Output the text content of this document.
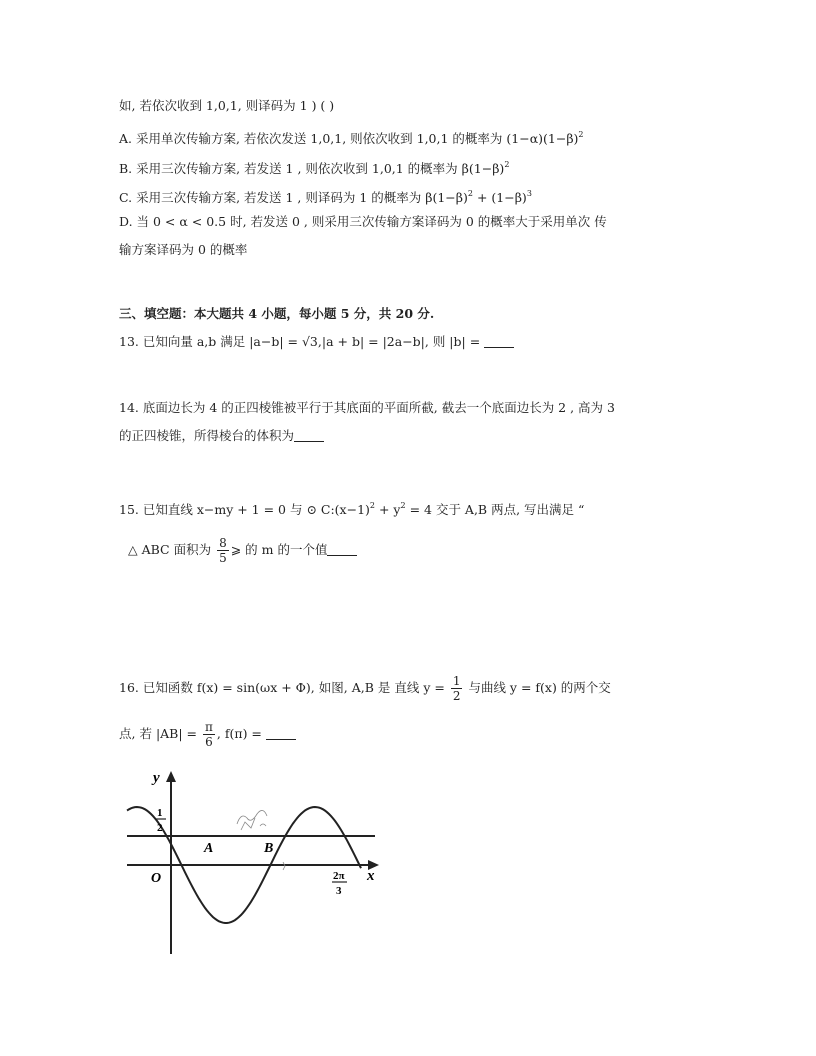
如, 若依次收到 1,0,1, 则译码为 1 ) ( )
A. 采用单次传输方案, 若依次发送 1,0,1, 则依次收到 1,0,1 的概率为 $(1-\alpha)(1-\beta)^2$
B. 采用三次传输方案, 若发送 1 , 则依次收到 1,0,1 的概率为 $\beta(1-\beta)^2$
C. 采用三次传输方案, 若发送 1 , 则译码为 1 的概率为 $\beta(1-\beta)^2 + (1-\beta)^3$
D. 当 0 < α < 0.5 时, 若发送 0 , 则采用三次传输方案译码为 0 的概率大于采用单次 传
输方案译码为 0 的概率
三、填空题：本大题共 4 小题，每小题 5 分，共 20 分.
13. 已知向量 a,b 满足 |a−b| = √3,|a + b| = |2a−b|, 则 |b| =
14. 底面边长为 4 的正四棱锥被平行于其底面的平面所截, 截去一个底面边长为 2 , 高为 3
的正四棱锥，所得棱台的体积为
15. 已知直线 x−my + 1 = 0 与 ⊙ $C:(x-1)^2 + y^2 = 4$ 交于 A,B 两点, 写出满足 “
△ ABC 面积为 $\frac{8}{5}$ ⩾ 的 m 的一个值
16. 已知函数 f(x) = sin(ωx + Φ), 如图, A,B 是 直线 $y = \frac{1}{2}$ 与曲线 y = f(x) 的两个交
点, 若 $|AB| = \frac{\pi}{6}$ , f(π) =
y
x
O
1
2
A	B
2π
3
